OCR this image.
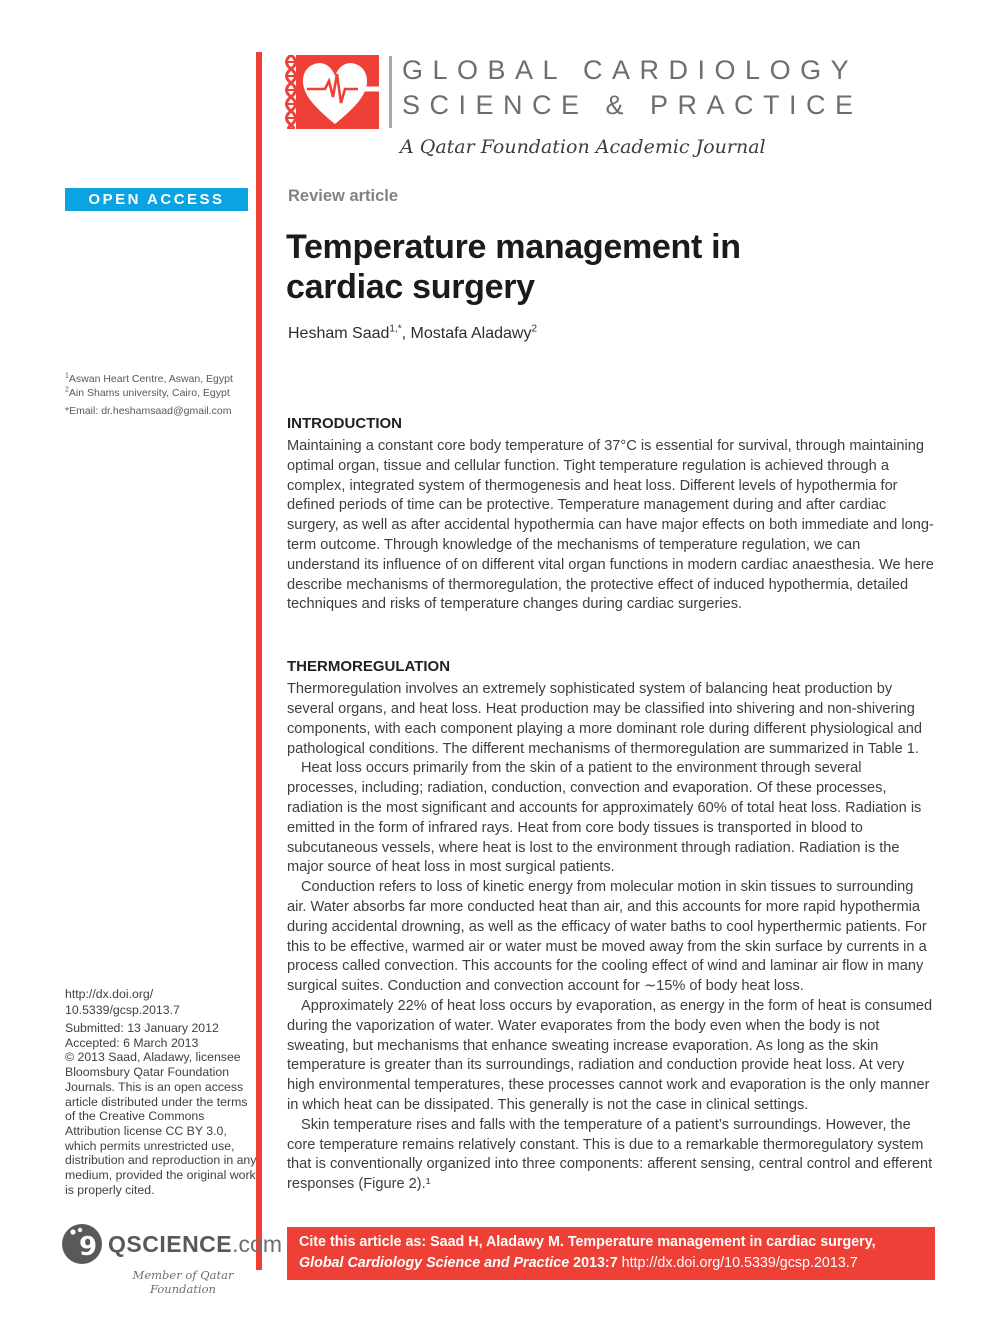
GLOBAL CARDIOLOGY
SCIENCE & PRACTICE
A Qatar Foundation Academic Journal
OPEN ACCESS	Review article
Temperature management in cardiac surgery
Hesham Saad$^{1,*}$, Mostafa Aladawy$^2$
$^1$Aswan Heart Centre, Aswan, Egypt
$^2$Ain Shams university, Cairo, Egypt
*Email: dr.heshamsaad@gmail.com
http://dx.doi.org/
10.5339/gcsp.2013.7
Submitted: 13 January 2012
Accepted: 6 March 2013
© 2013 Saad, Aladawy, licensee Bloomsbury Qatar Foundation Journals. This is an open access article distributed under the terms of the Creative Commons Attribution license CC BY 3.0, which permits unrestricted use, distribution and reproduction in any medium, provided the original work is properly cited.
INTRODUCTION

Maintaining a constant core body temperature of 37°C is essential for survival, through maintaining optimal organ, tissue and cellular function. Tight temperature regulation is achieved through a complex, integrated system of thermogenesis and heat loss. Different levels of hypothermia for defined periods of time can be protective. Temperature management during and after cardiac surgery, as well as after accidental hypothermia can have major effects on both immediate and long-term outcome. Through knowledge of the mechanisms of temperature regulation, we can understand its influence of on different vital organ functions in modern cardiac anaesthesia. We here describe mechanisms of thermoregulation, the protective effect of induced hypothermia, detailed techniques and risks of temperature changes during cardiac surgeries.

THERMOREGULATION

Thermoregulation involves an extremely sophisticated system of balancing heat production by several organs, and heat loss. Heat production may be classified into shivering and non-shivering components, with each component playing a more dominant role during different physiological and pathological conditions. The different mechanisms of thermoregulation are summarized in Table 1.

Heat loss occurs primarily from the skin of a patient to the environment through several processes, including; radiation, conduction, convection and evaporation. Of these processes, radiation is the most significant and accounts for approximately 60% of total heat loss. Radiation is emitted in the form of infrared rays. Heat from core body tissues is transported in blood to subcutaneous vessels, where heat is lost to the environment through radiation. Radiation is the major source of heat loss in most surgical patients.

Conduction refers to loss of kinetic energy from molecular motion in skin tissues to surrounding air. Water absorbs far more conducted heat than air, and this accounts for more rapid hypothermia during accidental drowning, as well as the efficacy of water baths to cool hyperthermic patients. For this to be effective, warmed air or water must be moved away from the skin surface by currents in a process called convection. This accounts for the cooling effect of wind and laminar air flow in many surgical suites. Conduction and convection account for ∼15% of body heat loss.

Approximately 22% of heat loss occurs by evaporation, as energy in the form of heat is consumed during the vaporization of water. Water evaporates from the body even when the body is not sweating, but mechanisms that enhance sweating increase evaporation. As long as the skin temperature is greater than its surroundings, radiation and conduction provide heat loss. At very high environmental temperatures, these processes cannot work and evaporation is the only manner in which heat can be dissipated. This generally is not the case in clinical settings.

Skin temperature rises and falls with the temperature of a patient’s surroundings. However, the core temperature remains relatively constant. This is due to a remarkable thermoregulatory system that is conventionally organized into three components: afferent sensing, central control and efferent responses (Figure 2).¹

9 QSCIENCE.com
Member of Qatar Foundation
Cite this article as: Saad H, Aladawy M. Temperature management in cardiac surgery, Global Cardiology Science and Practice 2013:7 http://dx.doi.org/10.5339/gcsp.2013.7
